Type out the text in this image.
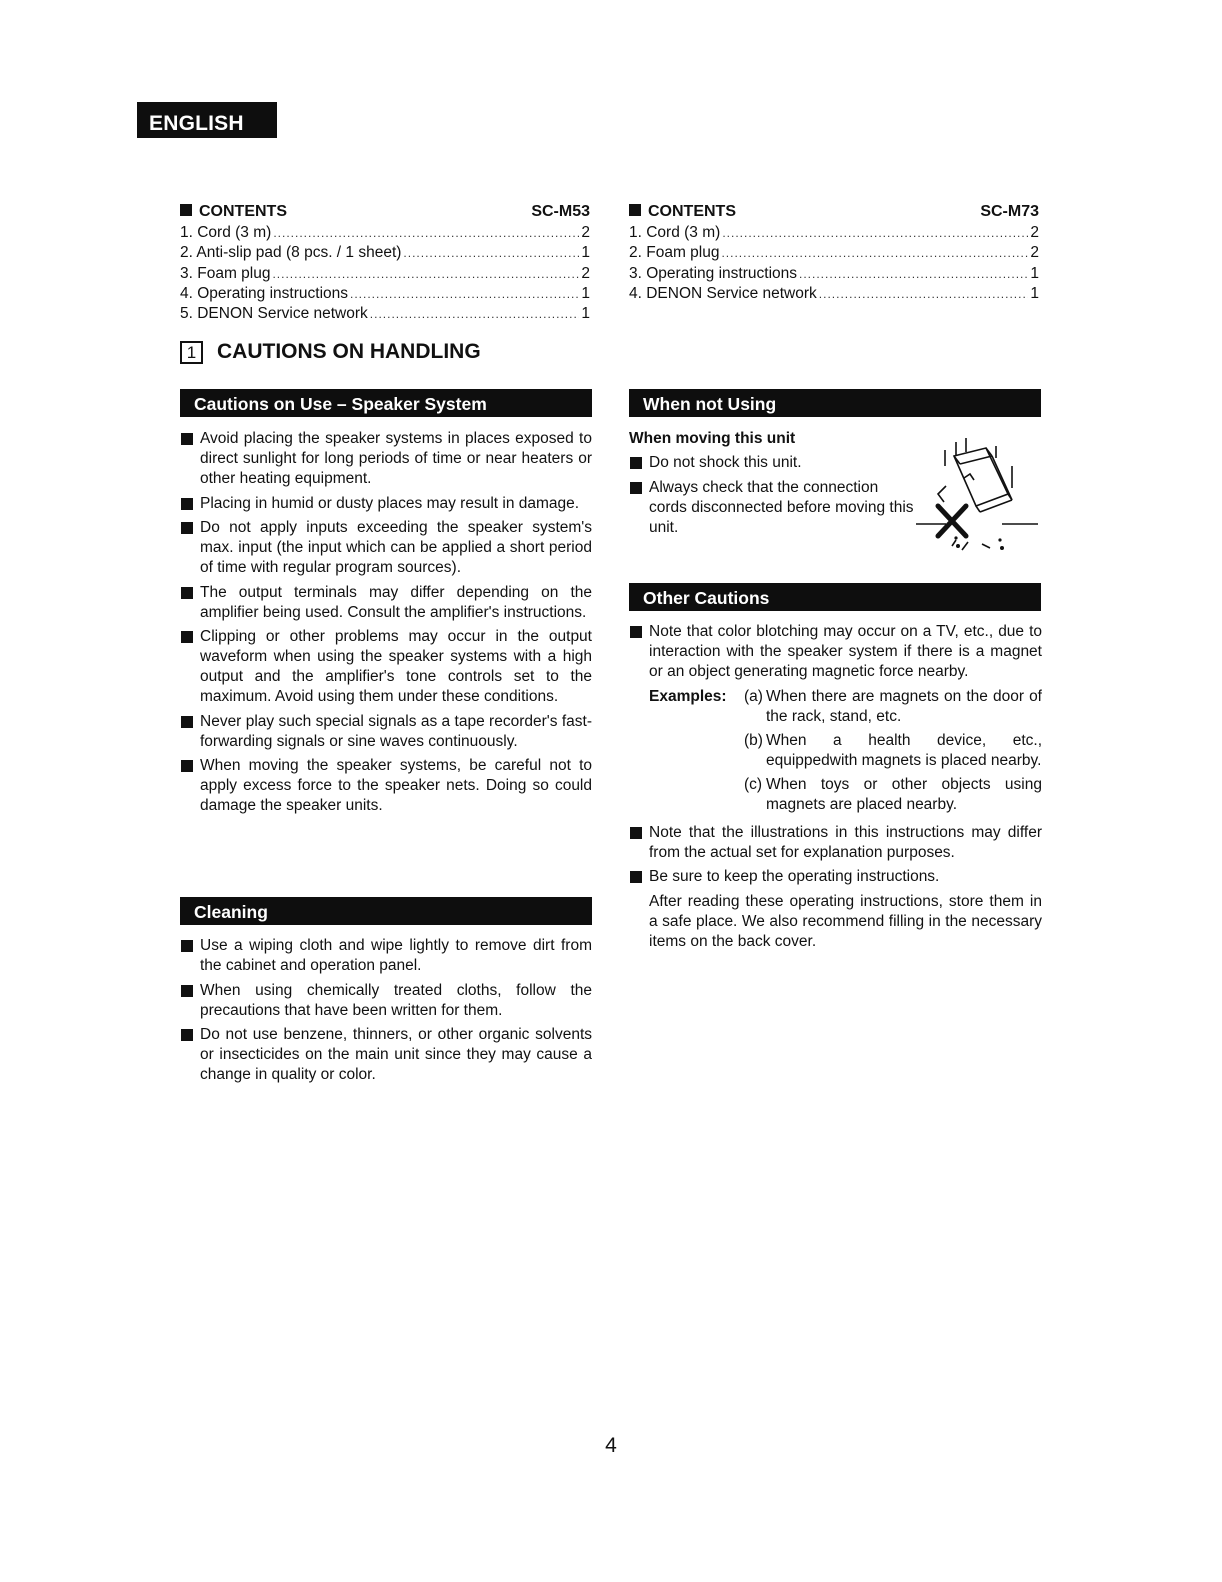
ENGLISH
CONTENTS	SC-M53
1. Cord (3 m) .....	2
2. Anti-slip pad (8 pcs. / 1 sheet) .....	1
3. Foam plug .....	2
4. Operating instructions .....	1
5. DENON Service network .....	1
CONTENTS	SC-M73
1. Cord (3 m) .....	2
2. Foam plug .....	2
3. Operating instructions .....	1
4. DENON Service network .....	1
1 CAUTIONS ON HANDLING
Cautions on Use – Speaker System
Avoid placing the speaker systems in places exposed to direct sunlight for long periods of time or near heaters or other heating equipment.
Placing in humid or dusty places may result in damage.
Do not apply inputs exceeding the speaker system's max. input (the input which can be applied a short period of time with regular program sources).
The output terminals may differ depending on the amplifier being used. Consult the amplifier's instructions.
Clipping or other problems may occur in the output waveform when using the speaker systems with a high output and the amplifier's tone controls set to the maximum. Avoid using them under these conditions.
Never play such special signals as a tape recorder's fast-forwarding signals or sine waves continuously.
When moving the speaker systems, be careful not to apply excess force to the speaker nets. Doing so could damage the speaker units.
Cleaning
Use a wiping cloth and wipe lightly to remove dirt from the cabinet and operation panel.
When using chemically treated cloths, follow the precautions that have been written for them.
Do not use benzene, thinners, or other organic solvents or insecticides on the main unit since they may cause a change in quality or color.
When not Using
When moving this unit
Do not shock this unit.
Always check that the connection cords disconnected before moving this unit.
Other Cautions
Note that color blotching may occur on a TV, etc., due to interaction with the speaker system if there is a magnet or an object generating magnetic force nearby.
Examples:	(a) When there are magnets on the door of the rack, stand, etc.
(b) When a health device, etc., equippedwith magnets is placed nearby.
(c) When toys or other objects using magnets are placed nearby.
Note that the illustrations in this instructions may differ from the actual set for explanation purposes.
Be sure to keep the operating instructions.
After reading these operating instructions, store them in a safe place. We also recommend filling in the necessary items on the back cover.
4
